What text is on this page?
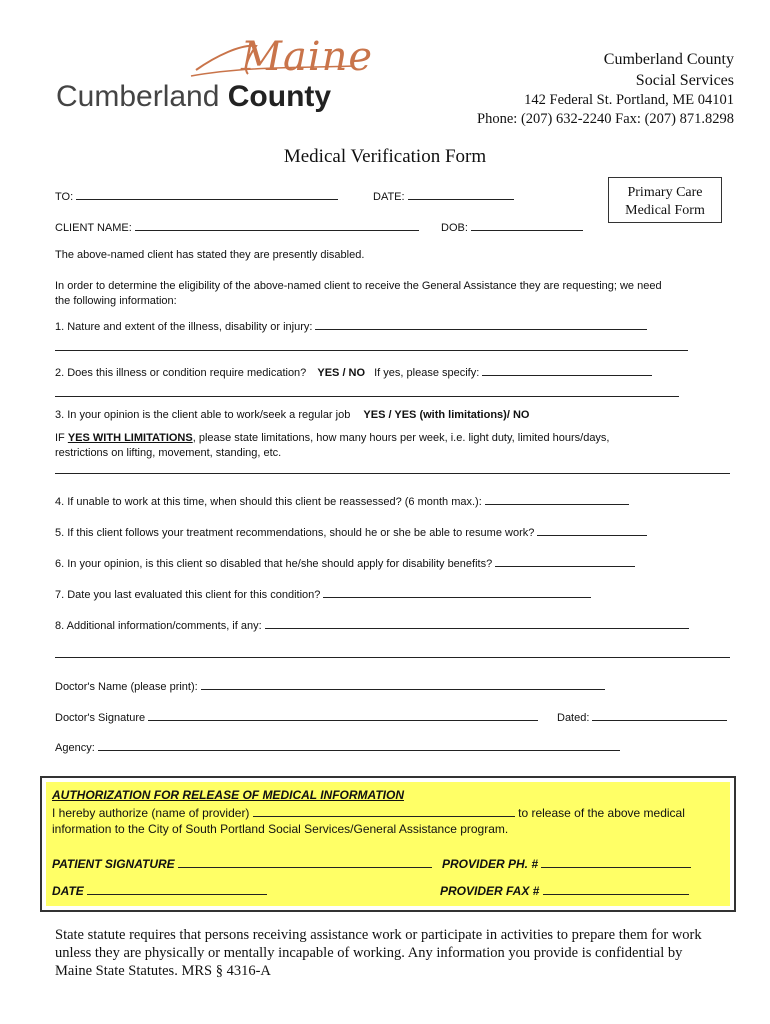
Maine
Cumberland County
Cumberland County
Social Services
142 Federal St. Portland, ME 04101
Phone: (207) 632-2240 Fax: (207) 871.8298
Medical Verification Form
Primary Care
Medical Form
TO:	DATE:
CLIENT NAME:	DOB:
The above-named client has stated they are presently disabled.
In order to determine the eligibility of the above-named client to receive the General Assistance they are requesting; we need
the following information:
1. Nature and extent of the illness, disability or injury:
2. Does this illness or condition require medication? YES / NO If yes, please specify:
3. In your opinion is the client able to work/seek a regular job YES / YES (with limitations)/ NO
IF YES WITH LIMITATIONS, please state limitations, how many hours per week, i.e. light duty, limited hours/days,
restrictions on lifting, movement, standing, etc.
4. If unable to work at this time, when should this client be reassessed? (6 month max.):
5. If this client follows your treatment recommendations, should he or she be able to resume work?
6. In your opinion, is this client so disabled that he/she should apply for disability benefits?
7. Date you last evaluated this client for this condition?
8. Additional information/comments, if any:
Doctor's Name (please print):
Doctor's Signature	Dated:
Agency:
AUTHORIZATION FOR RELEASE OF MEDICAL INFORMATION
I hereby authorize (name of provider)	to release of the above medical
information to the City of South Portland Social Services/General Assistance program.
PATIENT SIGNATURE	PROVIDER PH. #
DATE	PROVIDER FAX #
State statute requires that persons receiving assistance work or participate in activities to prepare them for work
unless they are physically or mentally incapable of working. Any information you provide is confidential by
Maine State Statutes. MRS § 4316-A
